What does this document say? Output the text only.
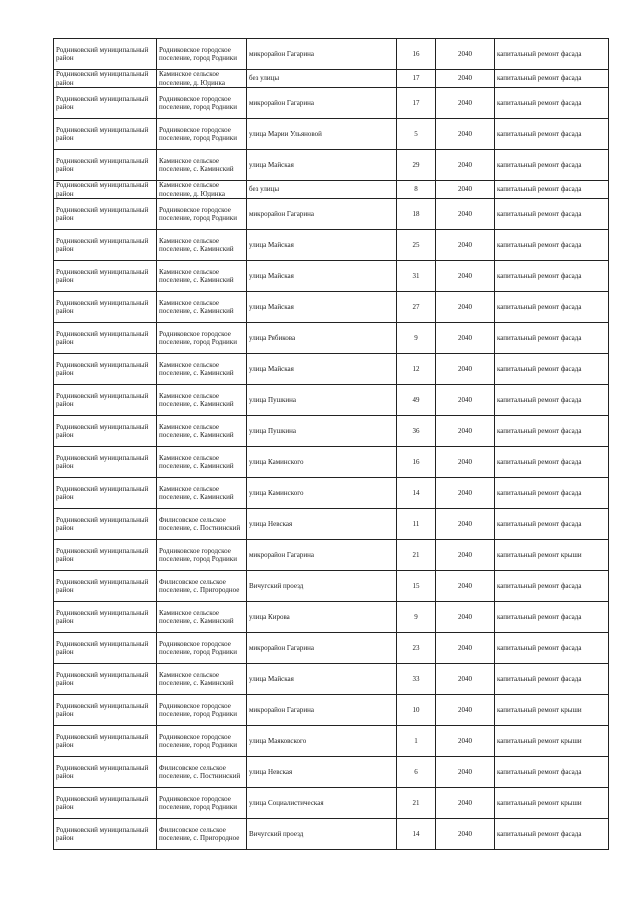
Родниковский муниципальный район	Родниковское городское поселение, город Родники	микрорайон Гагарина	16	2040	капитальный ремонт фасада
Родниковский муниципальный район	Каминское сельское поселение, д. Юдинка	без улицы	17	2040	капитальный ремонт фасада
Родниковский муниципальный район	Родниковское городское поселение, город Родники	микрорайон Гагарина	17	2040	капитальный ремонт фасада
Родниковский муниципальный район	Родниковское городское поселение, город Родники	улица Марии Ульяновой	5	2040	капитальный ремонт фасада
Родниковский муниципальный район	Каминское сельское поселение, с. Каминский	улица Майская	29	2040	капитальный ремонт фасада
Родниковский муниципальный район	Каминское сельское поселение, д. Юдинка	без улицы	8	2040	капитальный ремонт фасада
Родниковский муниципальный район	Родниковское городское поселение, город Родники	микрорайон Гагарина	18	2040	капитальный ремонт фасада
Родниковский муниципальный район	Каминское сельское поселение, с. Каминский	улица Майская	25	2040	капитальный ремонт фасада
Родниковский муниципальный район	Каминское сельское поселение, с. Каминский	улица Майская	31	2040	капитальный ремонт фасада
Родниковский муниципальный район	Каминское сельское поселение, с. Каминский	улица Майская	27	2040	капитальный ремонт фасада
Родниковский муниципальный район	Родниковское городское поселение, город Родники	улица Рябикова	9	2040	капитальный ремонт фасада
Родниковский муниципальный район	Каминское сельское поселение, с. Каминский	улица Майская	12	2040	капитальный ремонт фасада
Родниковский муниципальный район	Каминское сельское поселение, с. Каминский	улица Пушкина	49	2040	капитальный ремонт фасада
Родниковский муниципальный район	Каминское сельское поселение, с. Каминский	улица Пушкина	36	2040	капитальный ремонт фасада
Родниковский муниципальный район	Каминское сельское поселение, с. Каминский	улица Каминского	16	2040	капитальный ремонт фасада
Родниковский муниципальный район	Каминское сельское поселение, с. Каминский	улица Каминского	14	2040	капитальный ремонт фасада
Родниковский муниципальный район	Филисовское сельское поселение, с. Постнинский	улица Невская	11	2040	капитальный ремонт фасада
Родниковский муниципальный район	Родниковское городское поселение, город Родники	микрорайон Гагарина	21	2040	капитальный ремонт крыши
Родниковский муниципальный район	Филисовское сельское поселение, с. Пригородное	Вичугский проезд	15	2040	капитальный ремонт фасада
Родниковский муниципальный район	Каминское сельское поселение, с. Каминский	улица Кирова	9	2040	капитальный ремонт фасада
Родниковский муниципальный район	Родниковское городское поселение, город Родники	микрорайон Гагарина	23	2040	капитальный ремонт фасада
Родниковский муниципальный район	Каминское сельское поселение, с. Каминский	улица Майская	33	2040	капитальный ремонт фасада
Родниковский муниципальный район	Родниковское городское поселение, город Родники	микрорайон Гагарина	10	2040	капитальный ремонт крыши
Родниковский муниципальный район	Родниковское городское поселение, город Родники	улица Маяковского	1	2040	капитальный ремонт крыши
Родниковский муниципальный район	Филисовское сельское поселение, с. Постнинский	улица Невская	6	2040	капитальный ремонт фасада
Родниковский муниципальный район	Родниковское городское поселение, город Родники	улица Социалистическая	21	2040	капитальный ремонт крыши
Родниковский муниципальный район	Филисовское сельское поселение, с. Пригородное	Вичугский проезд	14	2040	капитальный ремонт фасада
